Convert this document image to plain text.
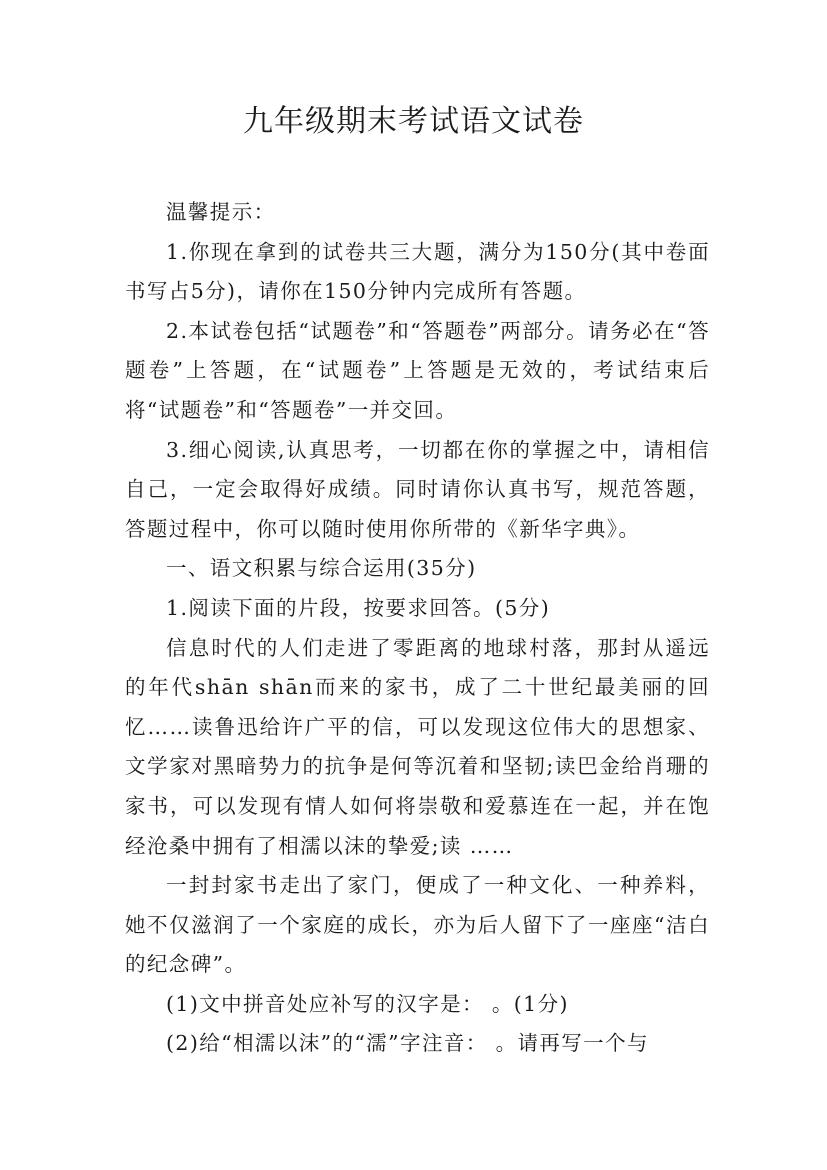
九年级期末考试语文试卷

温馨提示：

1.你现在拿到的试卷共三大题，满分为150分(其中卷面书写占5分)，请你在150分钟内完成所有答题。

2.本试卷包括“试题卷”和“答题卷”两部分。请务必在“答题卷”上答题，在“试题卷”上答题是无效的，考试结束后将“试题卷”和“答题卷”一并交回。

3.细心阅读,认真思考，一切都在你的掌握之中，请相信自己，一定会取得好成绩。同时请你认真书写，规范答题，答题过程中，你可以随时使用你所带的《新华字典》。

一、语文积累与综合运用(35分)

1.阅读下面的片段，按要求回答。(5分)

信息时代的人们走进了零距离的地球村落，那封从遥远的年代shān shān而来的家书，成了二十世纪最美丽的回忆……读鲁迅给许广平的信，可以发现这位伟大的思想家、文学家对黑暗势力的抗争是何等沉着和坚韧;读巴金给肖珊的家书，可以发现有情人如何将崇敬和爱慕连在一起，并在饱经沧桑中拥有了相濡以沫的挚爱;读 ……

一封封家书走出了家门，便成了一种文化、一种养料，她不仅滋润了一个家庭的成长，亦为后人留下了一座座“洁白的纪念碑”。

(1)文中拼音处应补写的汉字是： 。(1分)

(2)给“相濡以沫”的“濡”字注音： 。请再写一个与
